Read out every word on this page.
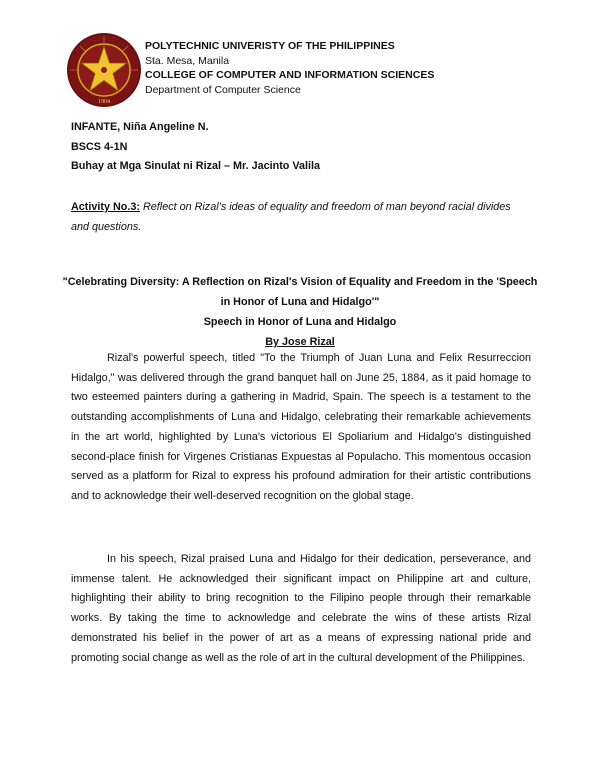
1904
POLYTECHNIC UNIVERISTY OF THE PHILIPPINES
Sta. Mesa, Manila
COLLEGE OF COMPUTER AND INFORMATION SCIENCES
Department of Computer Science
INFANTE, Niña Angeline N.
BSCS 4-1N
Buhay at Mga Sinulat ni Rizal – Mr. Jacinto Valila
Activity No.3: Reflect on Rizal’s ideas of equality and freedom of man beyond racial divides and questions.
"Celebrating Diversity: A Reflection on Rizal's Vision of Equality and Freedom in the 'Speech in Honor of Luna and Hidalgo'"
Speech in Honor of Luna and Hidalgo
By Jose Rizal

Rizal's powerful speech, titled "To the Triumph of Juan Luna and Felix Resurreccion Hidalgo," was delivered through the grand banquet hall on June 25, 1884, as it paid homage to two esteemed painters during a gathering in Madrid, Spain. The speech is a testament to the outstanding accomplishments of Luna and Hidalgo, celebrating their remarkable achievements in the art world, highlighted by Luna's victorious El Spoliarium and Hidalgo's distinguished second-place finish for Virgenes Cristianas Expuestas al Populacho. This momentous occasion served as a platform for Rizal to express his profound admiration for their artistic contributions and to acknowledge their well-deserved recognition on the global stage.

In his speech, Rizal praised Luna and Hidalgo for their dedication, perseverance, and immense talent. He acknowledged their significant impact on Philippine art and culture, highlighting their ability to bring recognition to the Filipino people through their remarkable works. By taking the time to acknowledge and celebrate the wins of these artists Rizal demonstrated his belief in the power of art as a means of expressing national pride and promoting social change as well as the role of art in the cultural development of the Philippines.
